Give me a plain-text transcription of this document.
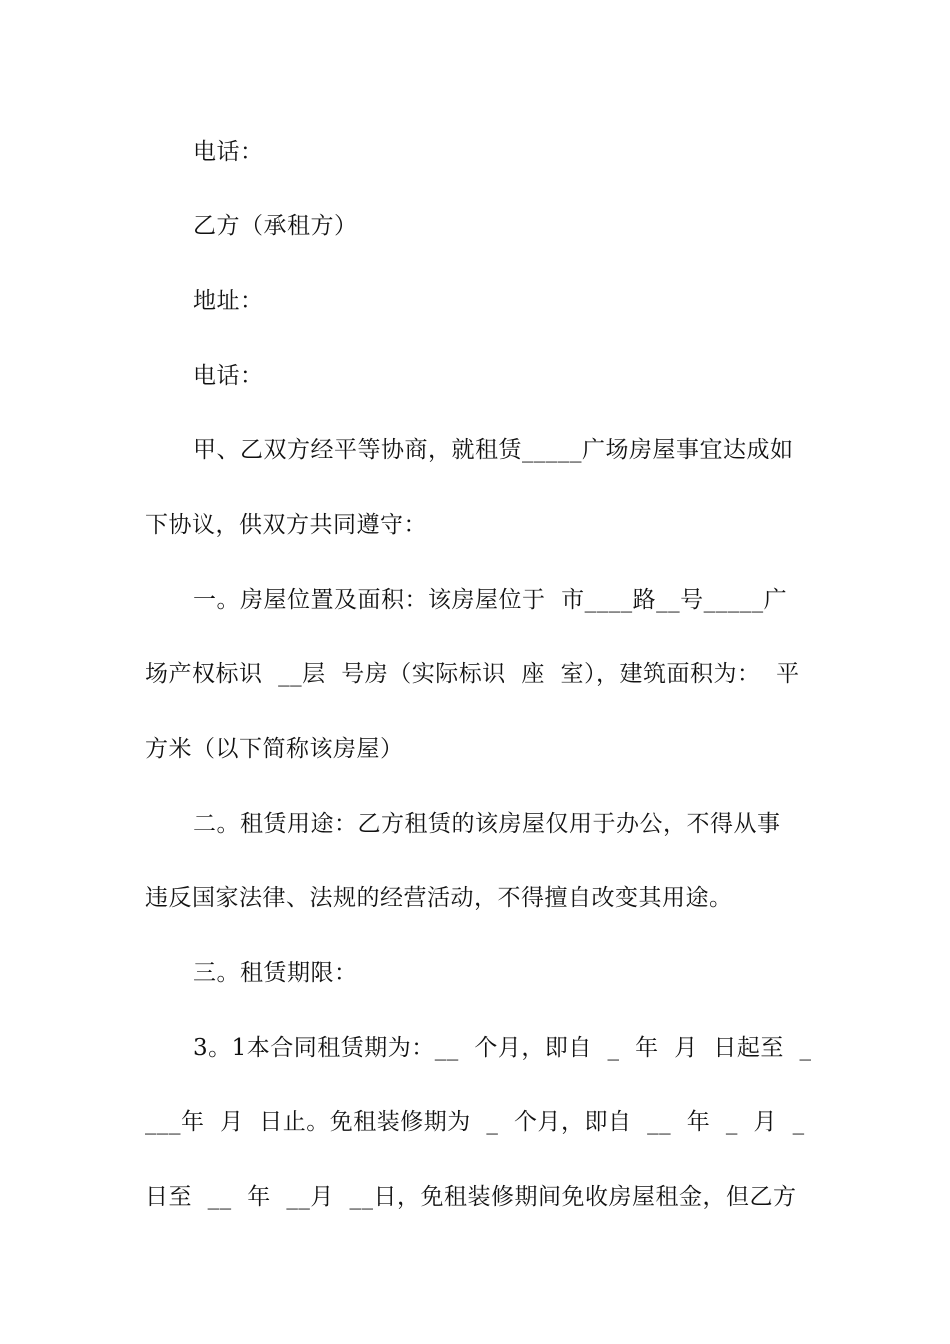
电话：
乙方（承租方）
地址：
电话：
甲、乙双方经平等协商，就租赁_____广场房屋事宜达成如
下协议，供双方共同遵守：
一。房屋位置及面积：该房屋位于  市____路__号_____广
场产权标识  __层  号房（实际标识  座  室），建筑面积为：  平
方米（以下简称该房屋）
二。租赁用途：乙方租赁的该房屋仅用于办公，不得从事
违反国家法律、法规的经营活动，不得擅自改变其用途。
三。租赁期限：
3。1本合同租赁期为：__  个月，即自  _  年  月  日起至  _
___年  月  日止。免租装修期为  _  个月，即自  __  年  _  月  _
日至  __  年  __月  __日，免租装修期间免收房屋租金，但乙方
